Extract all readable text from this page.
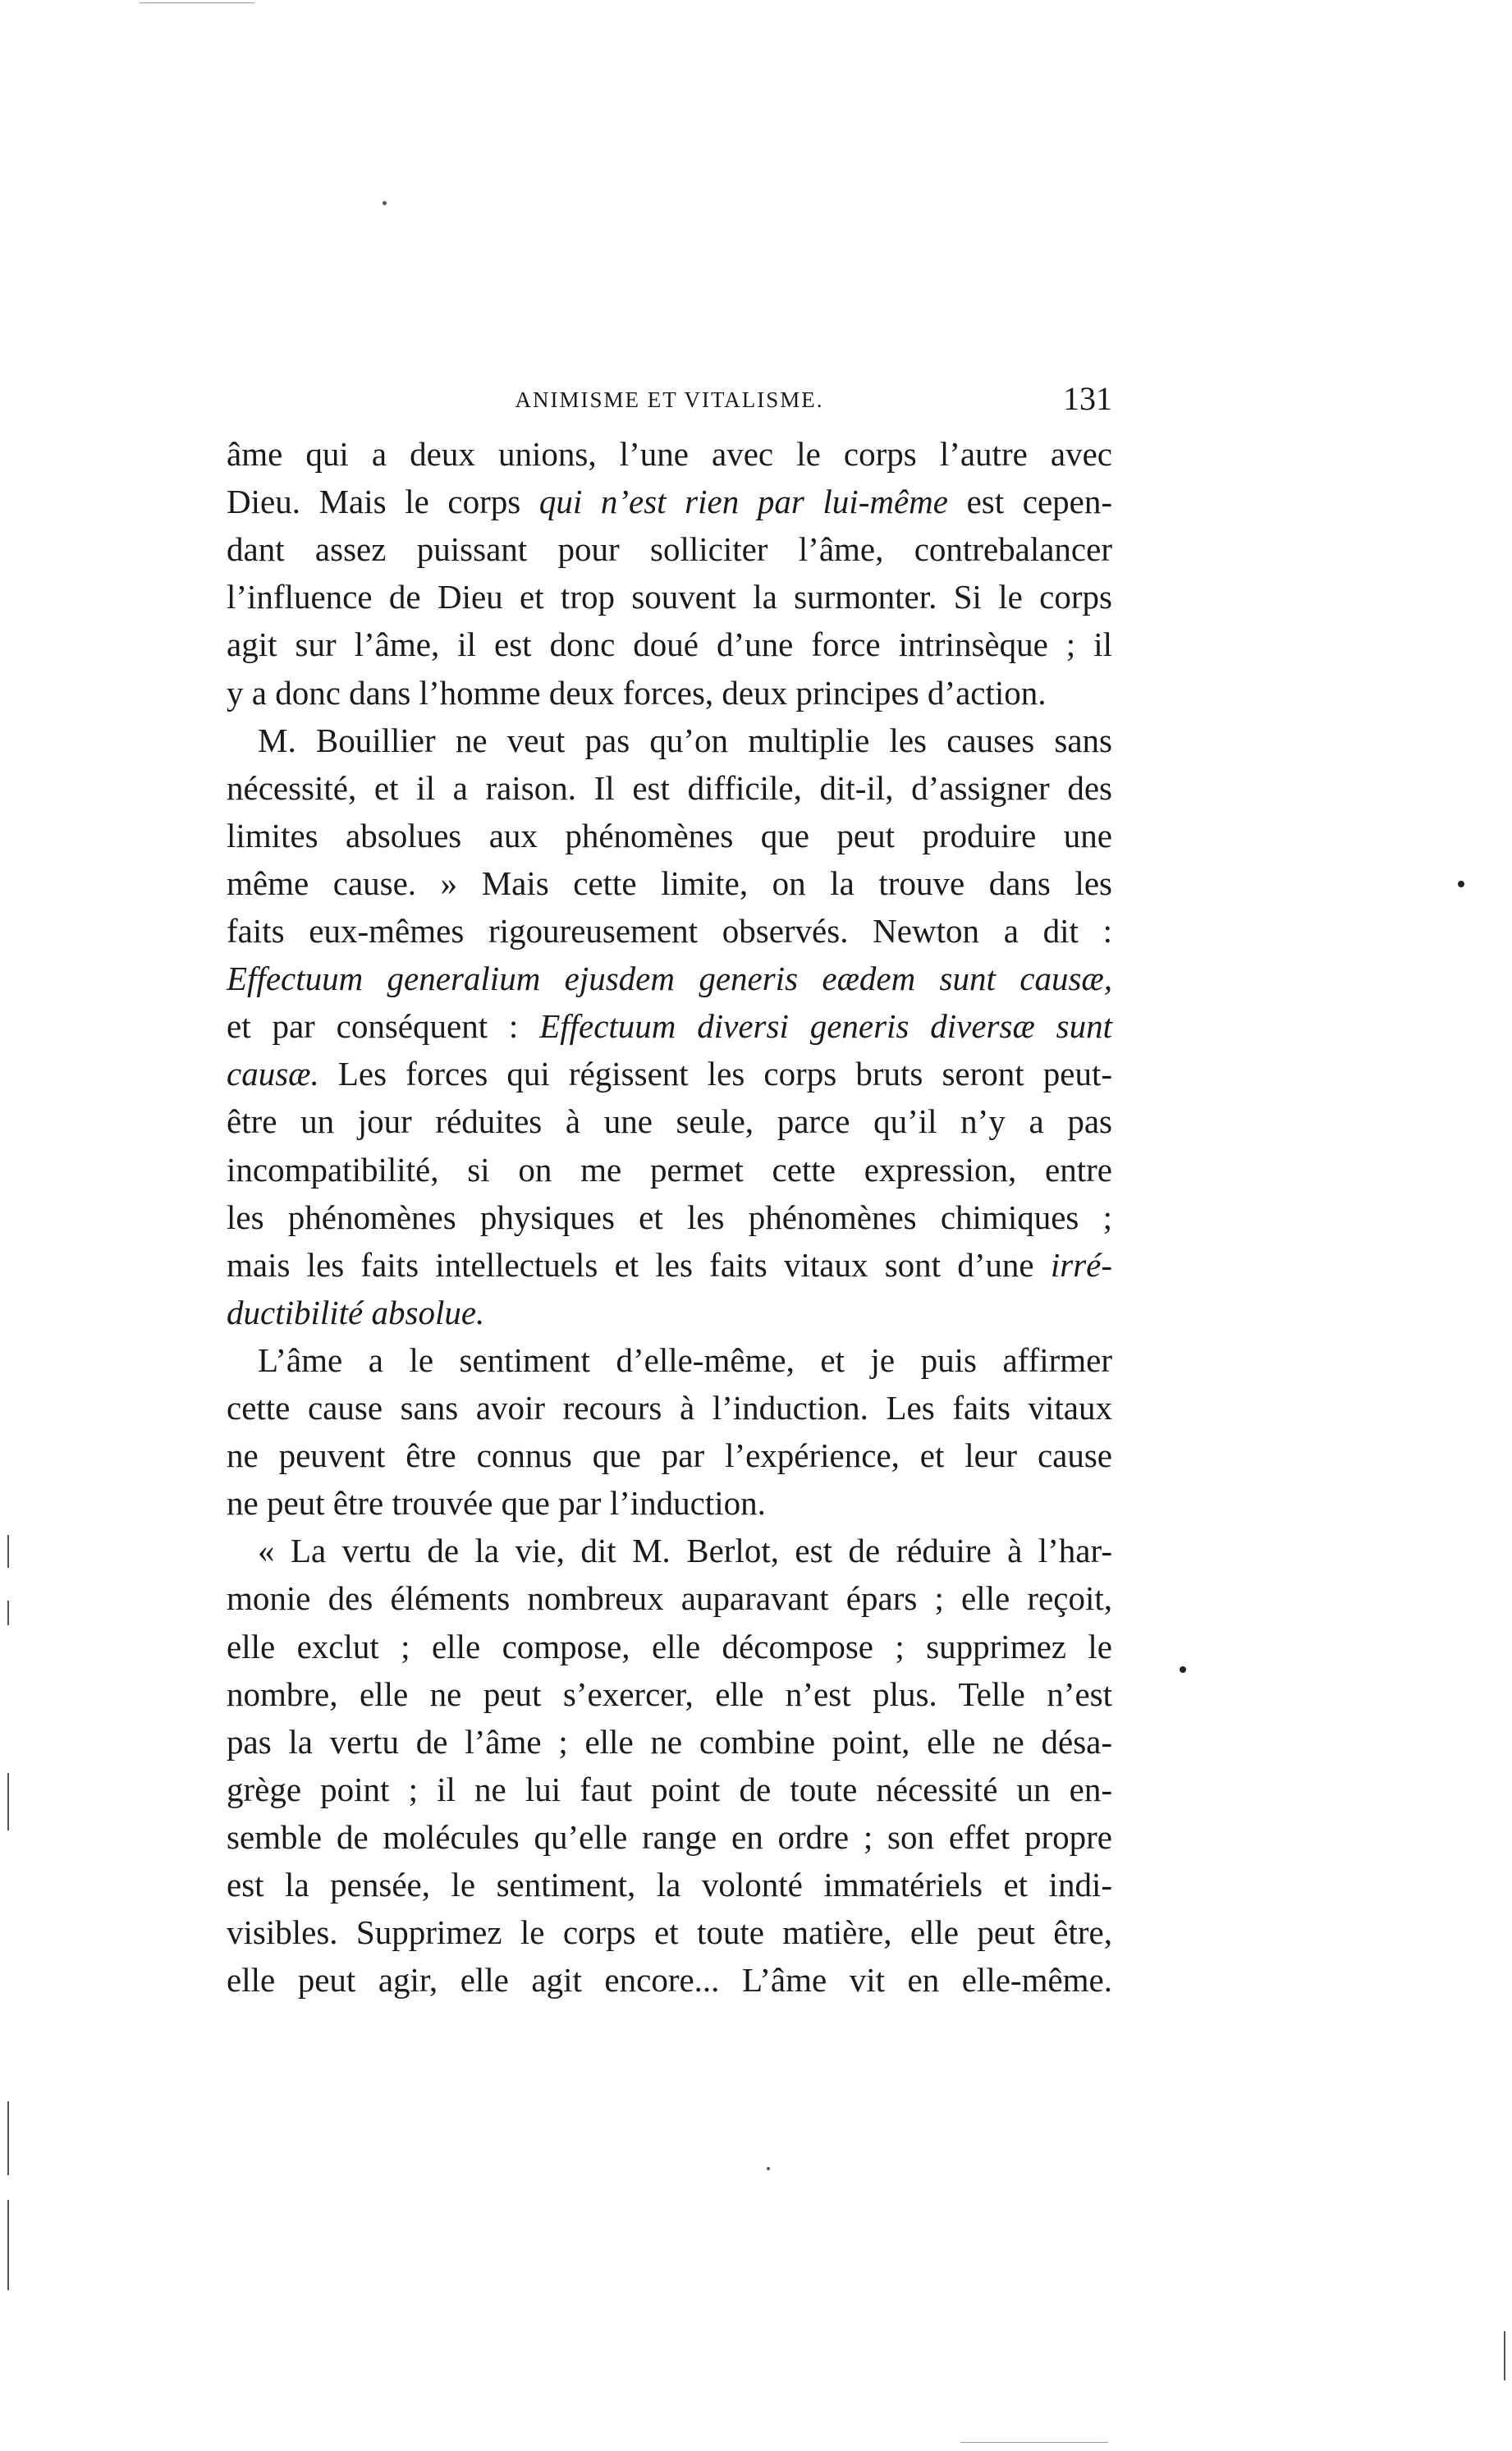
ANIMISME ET VITALISME.	131
âme qui a deux unions, l’une avec le corps l’autre avec
Dieu. Mais le corps qui n’est rien par lui-même est cepen-
dant assez puissant pour solliciter l’âme, contrebalancer
l’influence de Dieu et trop souvent la surmonter. Si le corps
agit sur l’âme, il est donc doué d’une force intrinsèque ; il
y a donc dans l’homme deux forces, deux principes d’action.
M. Bouillier ne veut pas qu’on multiplie les causes sans
nécessité, et il a raison. Il est difficile, dit-il, d’assigner des
limites absolues aux phénomènes que peut produire une
même cause. » Mais cette limite, on la trouve dans les
faits eux-mêmes rigoureusement observés. Newton a dit :
Effectuum generalium ejusdem generis eædem sunt causæ,
et par conséquent : Effectuum diversi generis diversæ sunt
causæ. Les forces qui régissent les corps bruts seront peut-
être un jour réduites à une seule, parce qu’il n’y a pas
incompatibilité, si on me permet cette expression, entre
les phénomènes physiques et les phénomènes chimiques ;
mais les faits intellectuels et les faits vitaux sont d’une irré-
ductibilité absolue.
L’âme a le sentiment d’elle-même, et je puis affirmer
cette cause sans avoir recours à l’induction. Les faits vitaux
ne peuvent être connus que par l’expérience, et leur cause
ne peut être trouvée que par l’induction.
« La vertu de la vie, dit M. Berlot, est de réduire à l’har-
monie des éléments nombreux auparavant épars ; elle reçoit,
elle exclut ; elle compose, elle décompose ; supprimez le
nombre, elle ne peut s’exercer, elle n’est plus. Telle n’est
pas la vertu de l’âme ; elle ne combine point, elle ne désa-
grège point ; il ne lui faut point de toute nécessité un en-
semble de molécules qu’elle range en ordre ; son effet propre
est la pensée, le sentiment, la volonté immatériels et indi-
visibles. Supprimez le corps et toute matière, elle peut être,
elle peut agir, elle agit encore... L’âme vit en elle-même.
